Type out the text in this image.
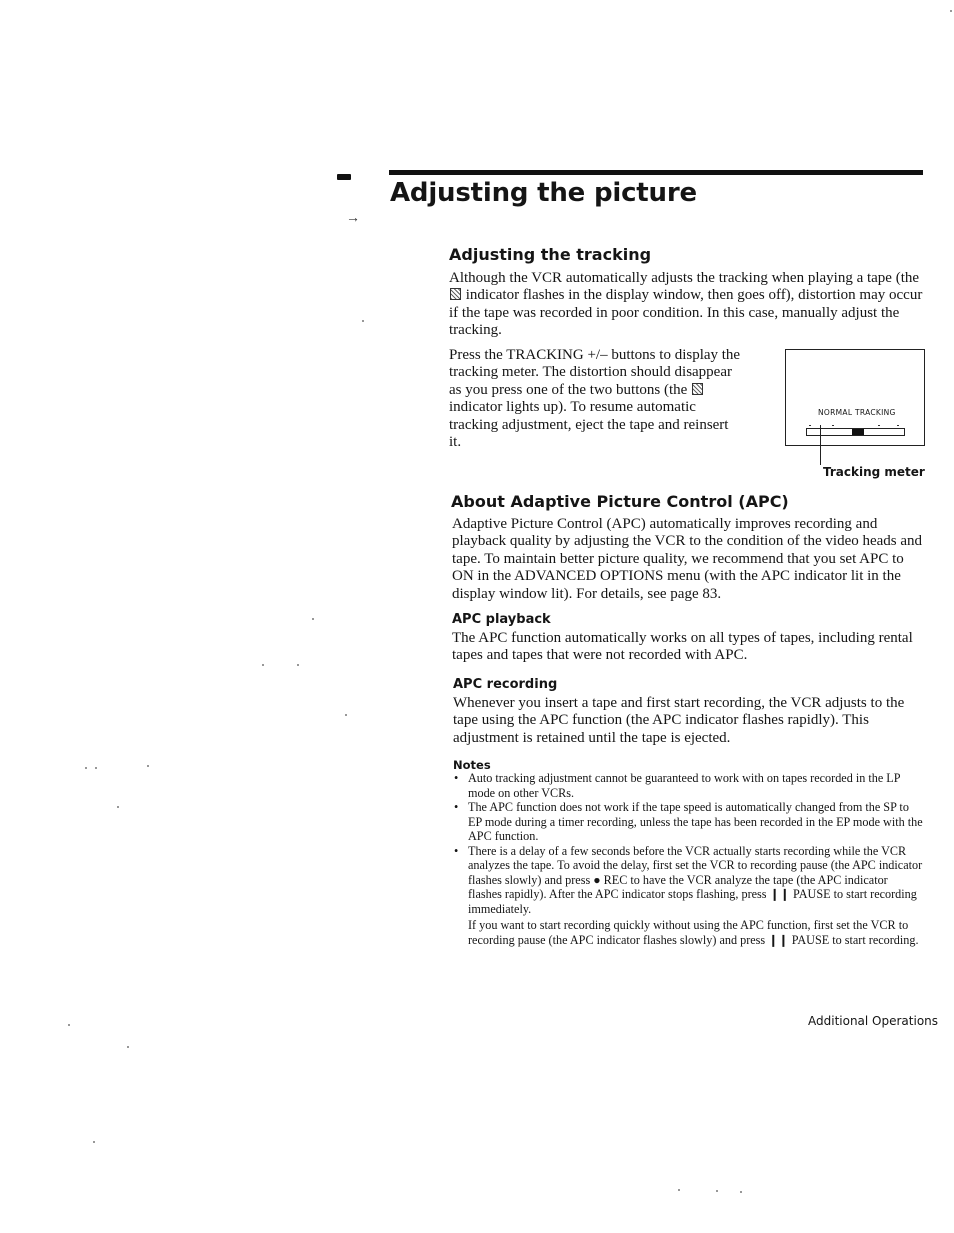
→
Adjusting the picture
Adjusting the tracking

Although the VCR automatically adjusts the tracking when playing a tape (the  indicator flashes in the display window, then goes off), distortion may occur if the tape was recorded in poor condition. In this case, manually adjust the tracking.

Press the TRACKING +/– buttons to display the tracking meter. The distortion should disappear as you press one of the two buttons (the  indicator lights up). To resume automatic tracking adjustment, eject the tape and reinsert it.

NORMAL TRACKING
Tracking meter
About Adaptive Picture Control (APC)

Adaptive Picture Control (APC) automatically improves recording and playback quality by adjusting the VCR to the condition of the video heads and tape. To maintain better picture quality, we recommend that you set APC to ON in the ADVANCED OPTIONS menu (with the APC indicator lit in the display window lit). For details, see page 83.

APC playback

The APC function automatically works on all types of tapes, including rental tapes and tapes that were not recorded with APC.

APC recording

Whenever you insert a tape and first start recording, the VCR adjusts to the tape using the APC function (the APC indicator flashes rapidly). This adjustment is retained until the tape is ejected.

Notes
• Auto tracking adjustment cannot be guaranteed to work with on tapes recorded in the LP mode on other VCRs.
• The APC function does not work if the tape speed is automatically changed from the SP to EP mode during a timer recording, unless the tape has been recorded in the EP mode with the APC function.
• There is a delay of a few seconds before the VCR actually starts recording while the VCR analyzes the tape. To avoid the delay, first set the VCR to recording pause (the APC indicator flashes slowly) and press ● REC to have the VCR analyze the tape (the APC indicator flashes rapidly). After the APC indicator stops flashing, press ❙❙ PAUSE to start recording immediately.

If you want to start recording quickly without using the APC function, first set the VCR to recording pause (the APC indicator flashes slowly) and press ❙❙ PAUSE to start recording.

Additional Operations
